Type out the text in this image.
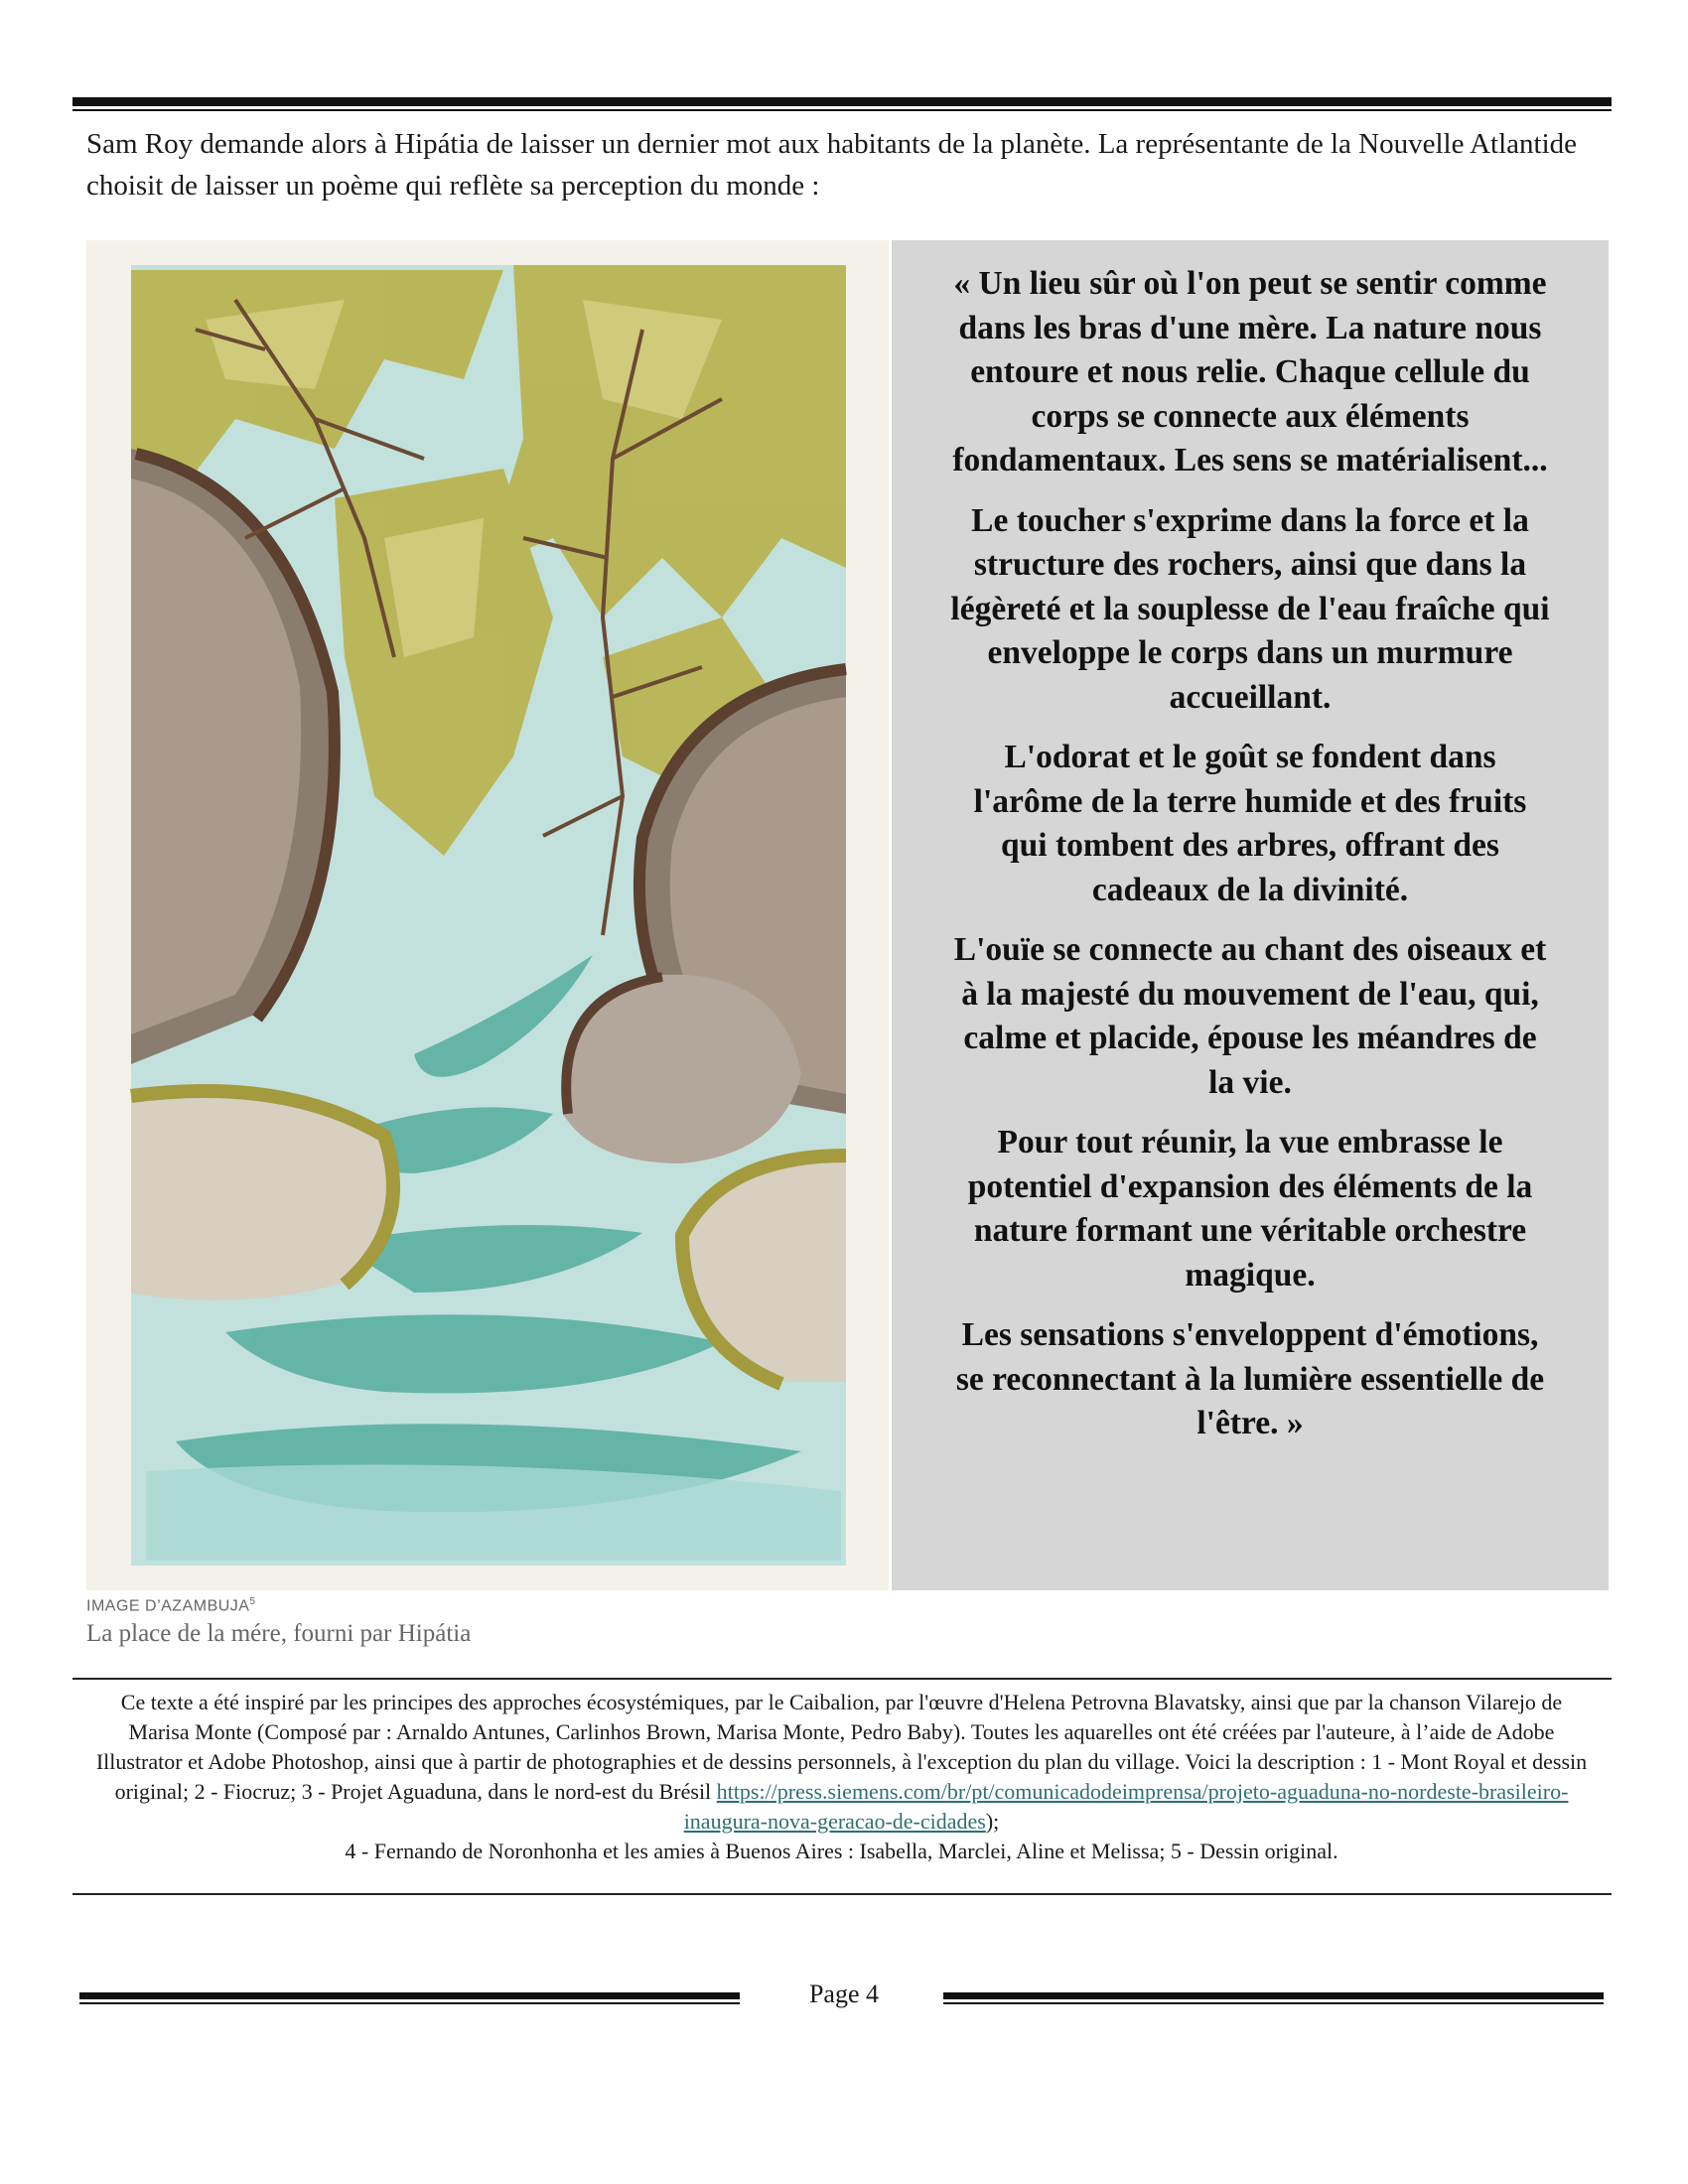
Sam Roy demande alors à Hipátia de laisser un dernier mot aux habitants de la planète. La représentante de la Nouvelle Atlantide choisit de laisser un poème qui reflète sa perception du monde :

« Un lieu sûr où l'on peut se sentir comme dans les bras d'une mère. La nature nous entoure et nous relie. Chaque cellule du corps se connecte aux éléments fondamentaux. Les sens se matérialisent...

Le toucher s'exprime dans la force et la structure des rochers, ainsi que dans la légèreté et la souplesse de l'eau fraîche qui enveloppe le corps dans un murmure accueillant.

L'odorat et le goût se fondent dans l'arôme de la terre humide et des fruits qui tombent des arbres, offrant des cadeaux de la divinité.

L'ouïe se connecte au chant des oiseaux et à la majesté du mouvement de l'eau, qui, calme et placide, épouse les méandres de la vie.

Pour tout réunir, la vue embrasse le potentiel d'expansion des éléments de la nature formant une véritable orchestre magique.

Les sensations s'enveloppent d'émotions, se reconnectant à la lumière essentielle de l'être. »

IMAGE D’AZAMBUJA$^5$
La place de la mére, fourni par Hipátia

Ce texte a été inspiré par les principes des approches écosystémiques, par le Caibalion, par l'œuvre d'Helena Petrovna Blavatsky, ainsi que par la chanson Vilarejo de Marisa Monte (Composé par : Arnaldo Antunes, Carlinhos Brown, Marisa Monte, Pedro Baby). Toutes les aquarelles ont été créées par l'auteure, à l’aide de Adobe Illustrator et Adobe Photoshop, ainsi que à partir de photographies et de dessins personnels, à l'exception du plan du village. Voici la description : 1 - Mont Royal et dessin original; 2 - Fiocruz; 3 - Projet Aguaduna, dans le nord-est du Brésil https://press.siemens.com/br/pt/comunicadodeimprensa/projeto-aguaduna-no-nordeste-brasileiro-inaugura-nova-geracao-de-cidades);
4 - Fernando de Noronhonha et les amies à Buenos Aires : Isabella, Marclei, Aline et Melissa; 5 - Dessin original.

Page 4
